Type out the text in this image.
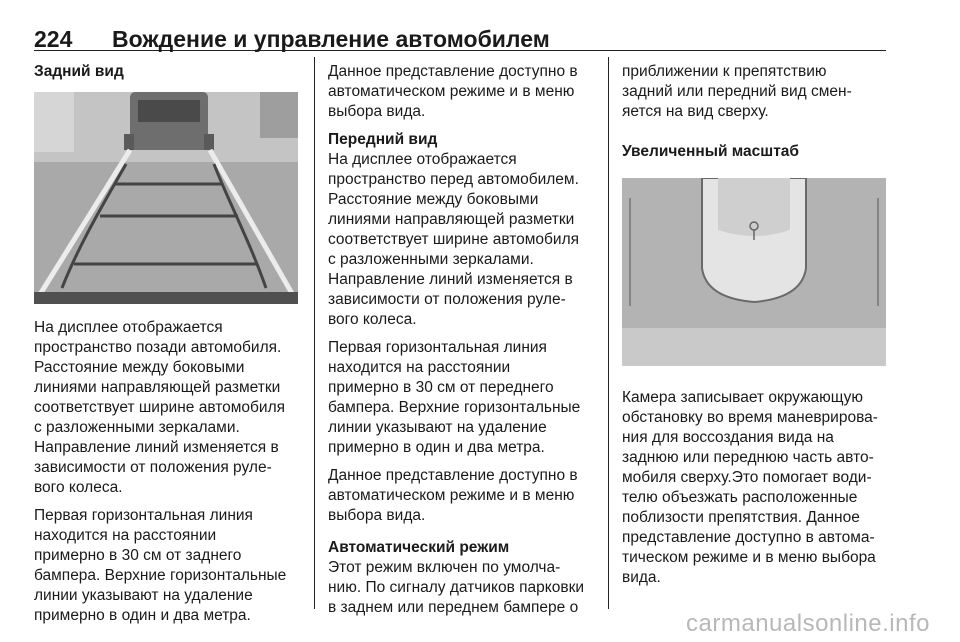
224 Вождение и управление автомобилем
Задний вид

На дисплее отображается
пространство позади автомобиля.
Расстояние между боковыми
линиями направляющей разметки
соответствует ширине автомобиля
с разложенными зеркалами.
Направление линий изменяется в
зависимости от положения руле-
вого колеса.

Первая горизонтальная линия
находится на расстоянии
примерно в 30 см от заднего
бампера. Верхние горизонтальные
линии указывают на удаление
примерно в один и два метра.

Данное представление доступно в
автоматическом режиме и в меню
выбора вида.

Передний вид

На дисплее отображается
пространство перед автомобилем.
Расстояние между боковыми
линиями направляющей разметки
соответствует ширине автомобиля
с разложенными зеркалами.
Направление линий изменяется в
зависимости от положения руле-
вого колеса.

Первая горизонтальная линия
находится на расстоянии
примерно в 30 см от переднего
бампера. Верхние горизонтальные
линии указывают на удаление
примерно в один и два метра.

Данное представление доступно в
автоматическом режиме и в меню
выбора вида.

Автоматический режим

Этот режим включен по умолча-
нию. По сигналу датчиков парковки
в заднем или переднем бампере о

приближении к препятствию
задний или передний вид смен-
яется на вид сверху.

Увеличенный масштаб

Камера записывает окружающую
обстановку во время маневрирова-
ния для воссоздания вида на
заднюю или переднюю часть авто-
мобиля сверху.Это помогает води-
телю объезжать расположенные
поблизости препятствия. Данное
представление доступно в автома-
тическом режиме и в меню выбора
вида.

carmanualsonline.info
